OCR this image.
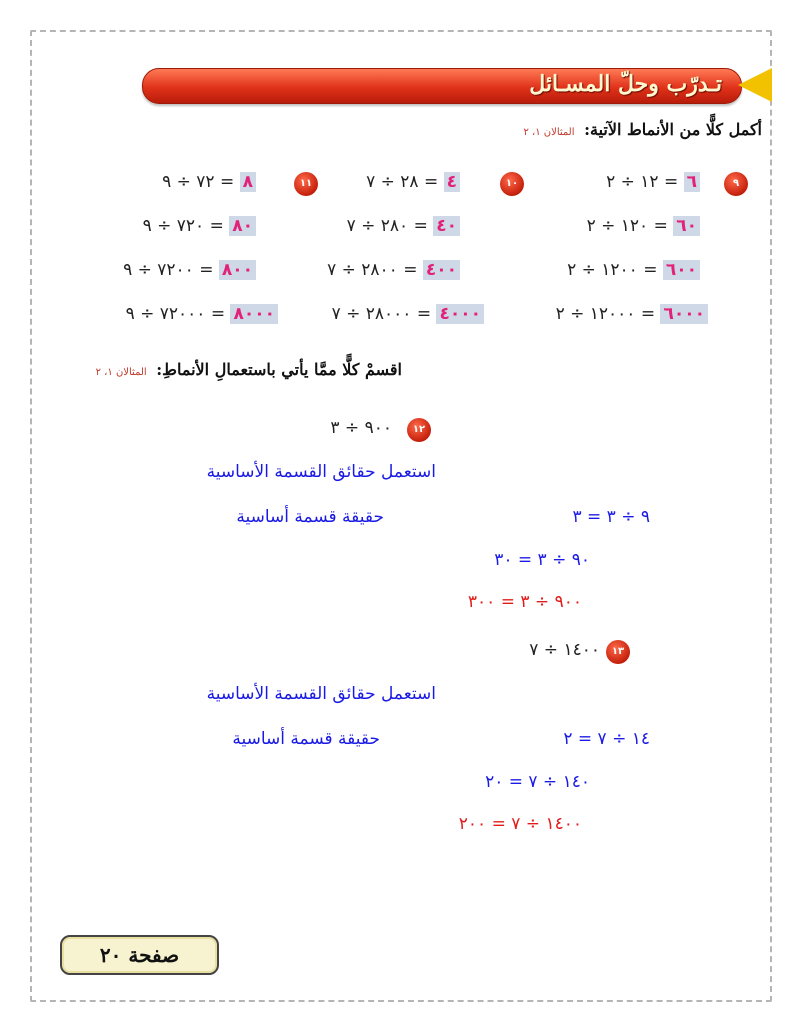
تـدرّب وحلّ المسـائل
أكمل كلًّا من الأنماط الآتية: المثالان ١، ٢
٩
١٢ ÷ ٢ = ٦
١٢٠ ÷ ٢ = ٦٠
١٢٠٠ ÷ ٢ = ٦٠٠
١٢٠٠٠ ÷ ٢ = ٦٠٠٠
١٠
٢٨ ÷ ٧ = ٤
٢٨٠ ÷ ٧ = ٤٠
٢٨٠٠ ÷ ٧ = ٤٠٠
٢٨٠٠٠ ÷ ٧ = ٤٠٠٠
١١
٧٢ ÷ ٩ = ٨
٧٢٠ ÷ ٩ = ٨٠
٧٢٠٠ ÷ ٩ = ٨٠٠
٧٢٠٠٠ ÷ ٩ = ٨٠٠٠
اقسمْ كلًّا ممَّا يأتي باستعمالِ الأنماطِ: المثالان ١، ٢
١٢
٩٠٠ ÷ ٣
استعمل حقائق القسمة الأساسية
حقيقة قسمة أساسية	٩ ÷ ٣ = ٣
٩٠ ÷ ٣ = ٣٠
٩٠٠ ÷ ٣ = ٣٠٠
١٣
١٤٠٠ ÷ ٧
استعمل حقائق القسمة الأساسية
حقيقة قسمة أساسية	١٤ ÷ ٧ = ٢
١٤٠ ÷ ٧ = ٢٠
١٤٠٠ ÷ ٧ = ٢٠٠
صفحة ٢٠
